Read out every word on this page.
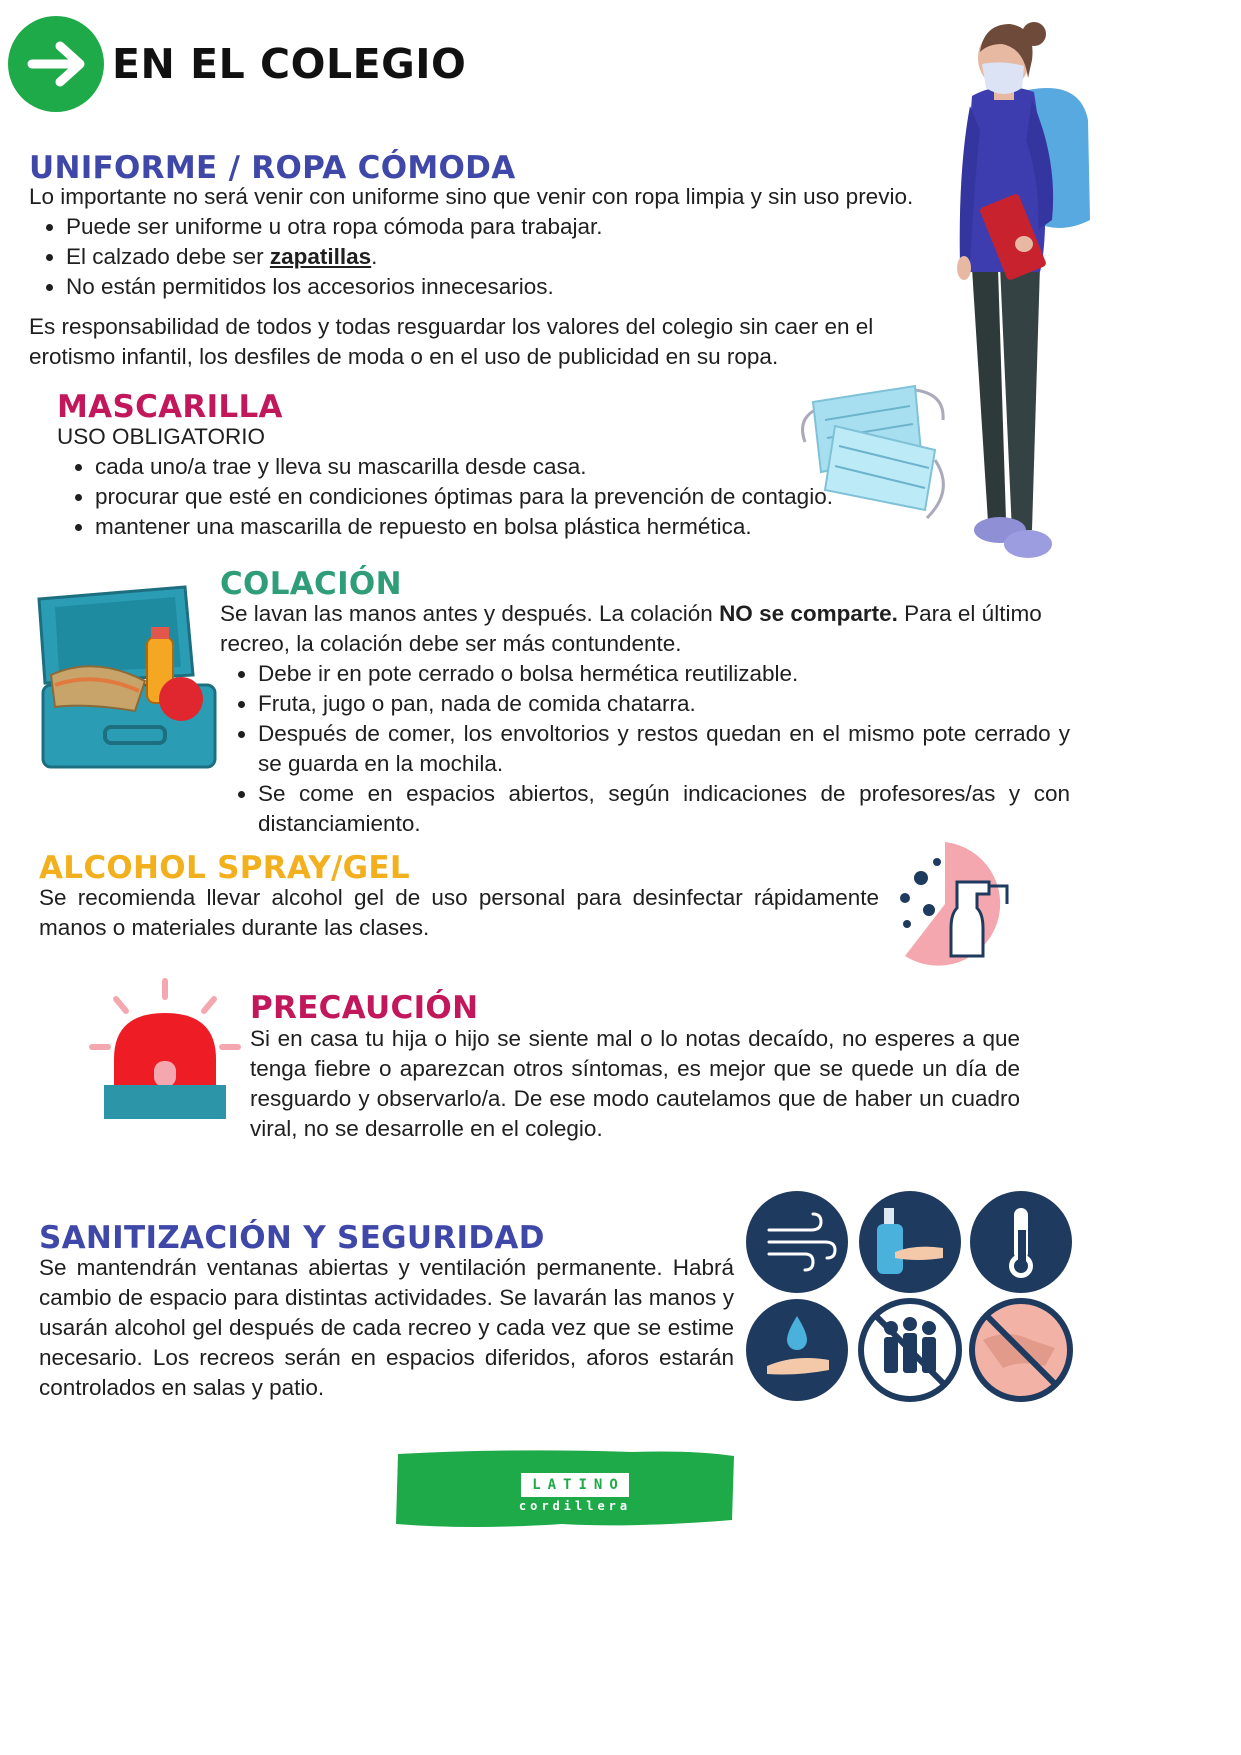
EN EL COLEGIO
UNIFORME / ROPA CÓMODA

Lo importante no será venir con uniforme sino que venir con ropa limpia y sin uso previo.

• Puede ser uniforme u otra ropa cómoda para trabajar.
• El calzado debe ser zapatillas.
• No están permitidos los accesorios innecesarios.

Es responsabilidad de todos y todas resguardar los valores del colegio sin caer en el erotismo infantil, los desfiles de moda o en el uso de publicidad en su ropa.

MASCARILLA

USO OBLIGATORIO

• cada uno/a trae y lleva su mascarilla desde casa.
• procurar que esté en condiciones óptimas para la prevención de contagio.
• mantener una mascarilla de repuesto en bolsa plástica hermética.
COLACIÓN

Se lavan las manos antes y después. La colación NO se comparte. Para el último recreo, la colación debe ser más contundente.

• Debe ir en pote cerrado o bolsa hermética reutilizable.
• Fruta, jugo o pan, nada de comida chatarra.
• Después de comer, los envoltorios y restos quedan en el mismo pote cerrado y se guarda en la mochila.
• Se come en espacios abiertos, según indicaciones de profesores/as y con distanciamiento.
ALCOHOL SPRAY/GEL

Se recomienda llevar alcohol gel de uso personal para desinfectar rápidamente manos o materiales durante las clases.

PRECAUCIÓN

Si en casa tu hija o hijo se siente mal o lo notas decaído, no esperes a que tenga fiebre o aparezcan otros síntomas, es mejor que se quede un día de resguardo y observarlo/a. De ese modo cautelamos que de haber un cuadro viral, no se desarrolle en el colegio.

SANITIZACIÓN Y SEGURIDAD

Se mantendrán ventanas abiertas y ventilación permanente. Habrá cambio de espacio para distintas actividades. Se lavarán las manos y usarán alcohol gel después de cada recreo y cada vez que se estime necesario. Los recreos serán en espacios diferidos, aforos estarán controlados en salas y patio.

LATINO
cordillera
